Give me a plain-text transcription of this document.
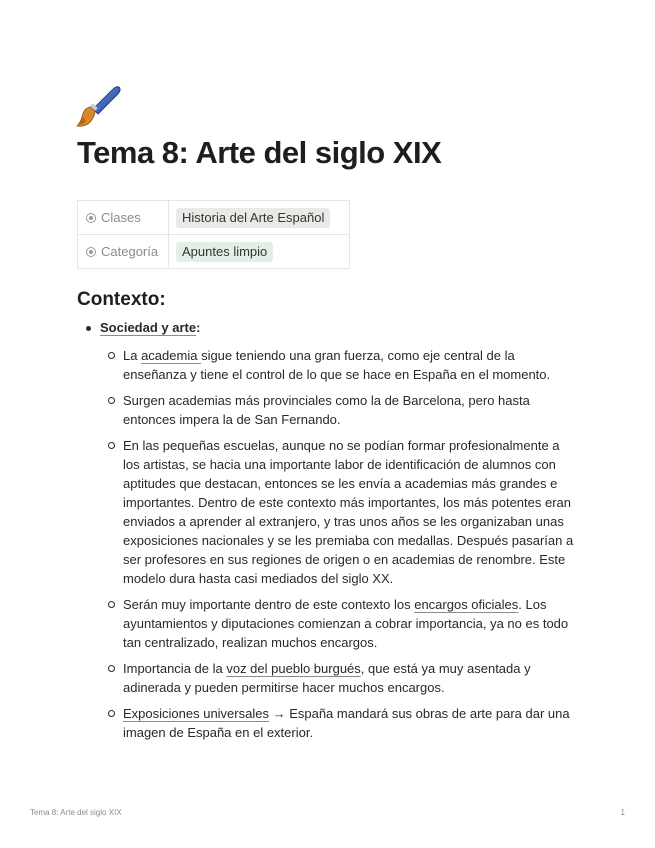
Tema 8: Arte del siglo XIX
Clases	Historia del Arte Español
Categoría	Apuntes limpio
Contexto:
Sociedad y arte:
La academia sigue teniendo una gran fuerza, como eje central de la enseñanza y tiene el control de lo que se hace en España en el momento.
Surgen academias más provinciales como la de Barcelona, pero hasta entonces impera la de San Fernando.
En las pequeñas escuelas, aunque no se podían formar profesionalmente a los artistas, se hacia una importante labor de identificación de alumnos con aptitudes que destacan, entonces se les envía a academias más grandes e importantes. Dentro de este contexto más importantes, los más potentes eran enviados a aprender al extranjero, y tras unos años se les organizaban unas exposiciones nacionales y se les premiaba con medallas. Después pasarían a ser profesores en sus regiones de origen o en academias de renombre. Este modelo dura hasta casi mediados del siglo XX.
Serán muy importante dentro de este contexto los encargos oficiales. Los ayuntamientos y diputaciones comienzan a cobrar importancia, ya no es todo tan centralizado, realizan muchos encargos.
Importancia de la voz del pueblo burgués, que está ya muy asentada y adinerada y pueden permitirse hacer muchos encargos.
Exposiciones universales → España mandará sus obras de arte para dar una imagen de España en el exterior.
Tema 8: Arte del siglo XIX	1
